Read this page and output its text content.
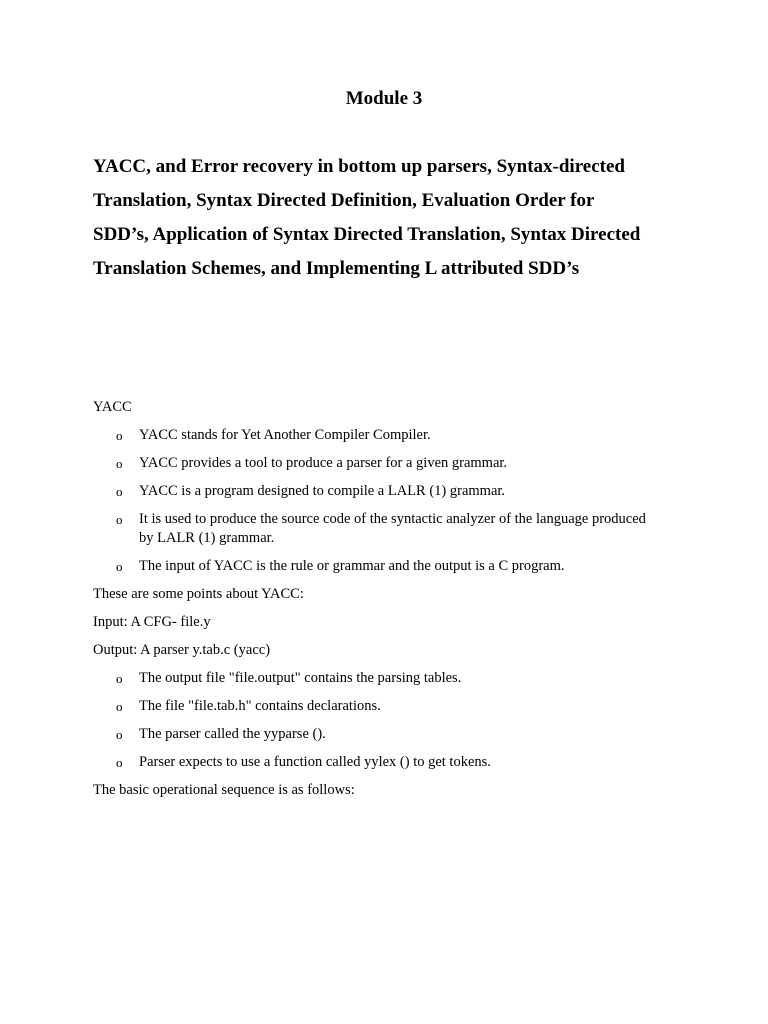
Module 3
YACC, and Error recovery in bottom up parsers, Syntax-directed Translation, Syntax Directed Definition, Evaluation Order for SDD’s, Application of Syntax Directed Translation, Syntax Directed Translation Schemes, and Implementing L attributed SDD’s

YACC

o YACC stands for Yet Another Compiler Compiler.
o YACC provides a tool to produce a parser for a given grammar.
o YACC is a program designed to compile a LALR (1) grammar.
o It is used to produce the source code of the syntactic analyzer of the language produced by LALR (1) grammar.
o The input of YACC is the rule or grammar and the output is a C program.

These are some points about YACC:

Input: A CFG- file.y

Output: A parser y.tab.c (yacc)

o The output file "file.output" contains the parsing tables.
o The file "file.tab.h" contains declarations.
o The parser called the yyparse ().
o Parser expects to use a function called yylex () to get tokens.

The basic operational sequence is as follows:
